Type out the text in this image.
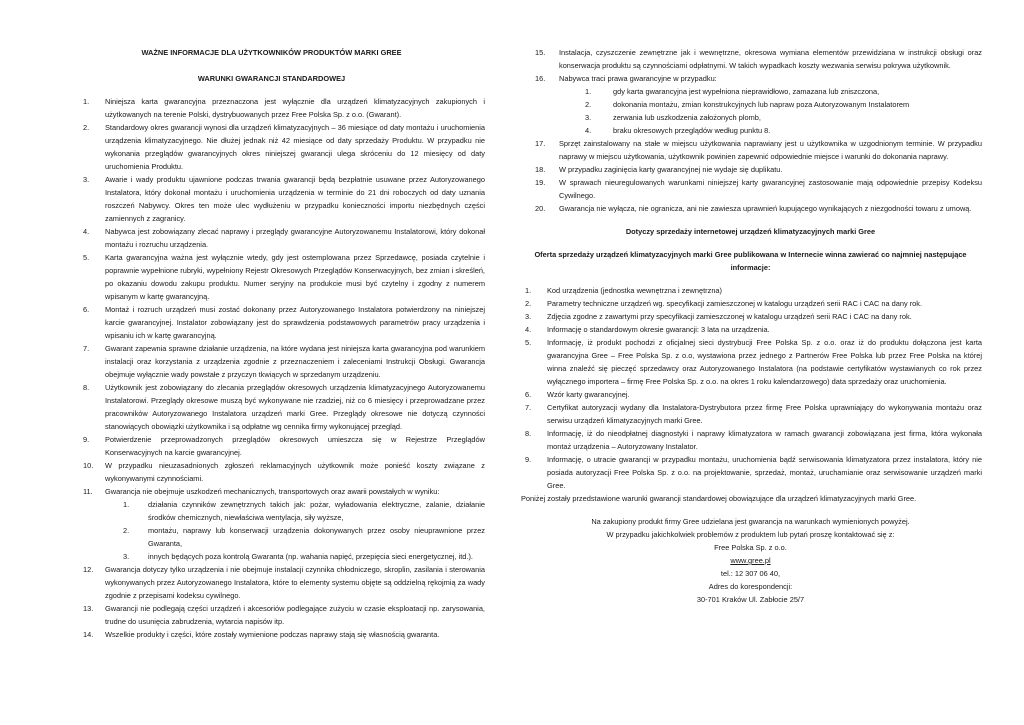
WAŻNE INFORMACJE DLA UŻYTKOWNIKÓW PRODUKTÓW MARKI GREE
WARUNKI GWARANCJI STANDARDOWEJ
1.	Niniejsza karta gwarancyjna przeznaczona jest wyłącznie dla urządzeń klimatyzacyjnych zakupionych i użytkowanych na terenie Polski, dystrybuowanych przez Free Polska Sp. z o.o. (Gwarant).
2.	Standardowy okres gwarancji wynosi dla urządzeń klimatyzacyjnych – 36 miesiące od daty montażu i uruchomienia urządzenia klimatyzacyjnego. Nie dłużej jednak niż 42 miesiące od daty sprzedaży Produktu. W przypadku nie wykonania przeglądów gwarancyjnych okres niniejszej gwarancji ulega skróceniu do 12 miesięcy od daty uruchomienia Produktu.
3.	Awarie i wady produktu ujawnione podczas trwania gwarancji będą bezpłatnie usuwane przez Autoryzowanego Instalatora, który dokonał montażu i uruchomienia urządzenia w terminie do 21 dni roboczych od daty uznania roszczeń Nabywcy. Okres ten może ulec wydłużeniu w przypadku konieczności importu niezbędnych części zamiennych z zagranicy.
4.	Nabywca jest zobowiązany zlecać naprawy i przeglądy gwarancyjne Autoryzowanemu Instalatorowi, który dokonał montażu i rozruchu urządzenia.
5.	Karta gwarancyjna ważna jest wyłącznie wtedy, gdy jest ostemplowana przez Sprzedawcę, posiada czytelnie i poprawnie wypełnione rubryki, wypełniony Rejestr Okresowych Przeglądów Konserwacyjnych, bez zmian i skreśleń, po okazaniu dowodu zakupu produktu. Numer seryjny na produkcie musi być czytelny i zgodny z numerem wpisanym w kartę gwarancyjną.
6.	Montaż i rozruch urządzeń musi zostać dokonany przez Autoryzowanego Instalatora potwierdzony na niniejszej karcie gwarancyjnej. Instalator zobowiązany jest do sprawdzenia podstawowych parametrów pracy urządzenia i wpisaniu ich w kartę gwarancyjną.
7.	Gwarant zapewnia sprawne działanie urządzenia, na które wydana jest niniejsza karta gwarancyjna pod warunkiem instalacji oraz korzystania z urządzenia zgodnie z przeznaczeniem i zaleceniami Instrukcji Obsługi. Gwarancja obejmuje wyłącznie wady powstałe z przyczyn tkwiących w sprzedanym urządzeniu.
8.	Użytkownik jest zobowiązany do zlecania przeglądów okresowych urządzenia klimatyzacyjnego Autoryzowanemu Instalatorowi. Przeglądy okresowe muszą być wykonywane nie rzadziej, niż co 6 miesięcy i przeprowadzane przez pracowników Autoryzowanego Instalatora urządzeń marki Gree. Przeglądy okresowe nie dotyczą czynności stanowiących obowiązki użytkownika i są odpłatne wg cennika firmy wykonującej przegląd.
9.	Potwierdzenie przeprowadzonych przeglądów okresowych umieszcza się w Rejestrze Przeglądów Konserwacyjnych na karcie gwarancyjnej.
10.	W przypadku nieuzasadnionych zgłoszeń reklamacyjnych użytkownik może ponieść koszty związane z wykonywanymi czynnościami.
11.	Gwarancja nie obejmuje uszkodzeń mechanicznych, transportowych oraz awarii powstałych w wyniku:
1.	działania czynników zewnętrznych takich jak: pożar, wyładowania elektryczne, zalanie, działanie środków chemicznych, niewłaściwa wentylacja, siły wyższe,
2.	montażu, naprawy lub konserwacji urządzenia dokonywanych przez osoby nieuprawnione przez Gwaranta,
3.	innych będących poza kontrolą Gwaranta (np. wahania napięć, przepięcia sieci energetycznej, itd.).
12.	Gwarancja dotyczy tylko urządzenia i nie obejmuje instalacji czynnika chłodniczego, skroplin, zasilania i sterowania wykonywanych przez Autoryzowanego Instalatora, które to elementy systemu objęte są oddzielną rękojmią za wady zgodnie z przepisami kodeksu cywilnego.
13.	Gwarancji nie podlegają części urządzeń i akcesoriów podlegające zużyciu w czasie eksploatacji np. zarysowania, trudne do usunięcia zabrudzenia, wytarcia napisów itp.
14.	Wszelkie produkty i części, które zostały wymienione podczas naprawy stają się własnością gwaranta.
15.	Instalacja, czyszczenie zewnętrzne jak i wewnętrzne, okresowa wymiana elementów przewidziana w instrukcji obsługi oraz konserwacja produktu są czynnościami odpłatnymi. W takich wypadkach koszty wezwania serwisu pokrywa użytkownik.
16.	Nabywca traci prawa gwarancyjne w przypadku:
1.	gdy karta gwarancyjna jest wypełniona nieprawidłowo, zamazana lub zniszczona,
2.	dokonania montażu, zmian konstrukcyjnych lub napraw poza Autoryzowanym Instalatorem
3.	zerwania lub uszkodzenia założonych plomb,
4.	braku okresowych przeglądów według punktu 8.
17.	Sprzęt zainstalowany na stałe w miejscu użytkowania naprawiany jest u użytkownika w uzgodnionym terminie. W przypadku naprawy w miejscu użytkowania, użytkownik powinien zapewnić odpowiednie miejsce i warunki do dokonania naprawy.
18.	W przypadku zaginięcia karty gwarancyjnej nie wydaje się duplikatu.
19.	W sprawach nieuregulowanych warunkami niniejszej karty gwarancyjnej zastosowanie mają odpowiednie przepisy Kodeksu Cywilnego.
20.	Gwarancja nie wyłącza, nie ogranicza, ani nie zawiesza uprawnień kupującego wynikających z niezgodności towaru z umową.
Dotyczy sprzedaży internetowej urządzeń klimatyzacyjnych marki Gree
Oferta sprzedaży urządzeń klimatyzacyjnych marki Gree publikowana w Internecie winna zawierać co najmniej następujące informacje:
1.	Kod urządzenia (jednostka wewnętrzna i zewnętrzna)
2.	Parametry techniczne urządzeń wg. specyfikacji zamieszczonej w katalogu urządzeń serii RAC i CAC na dany rok.
3.	Zdjęcia zgodne z zawartymi przy specyfikacji zamieszczonej w katalogu urządzeń serii RAC i CAC na dany rok.
4.	Informację o standardowym okresie gwarancji: 3 lata na urządzenia.
5.	Informację, iż produkt pochodzi z oficjalnej sieci dystrybucji Free Polska Sp. z o.o. oraz iż do produktu dołączona jest karta gwarancyjna Gree – Free Polska Sp. z o.o, wystawiona przez jednego z Partnerów Free Polska lub przez Free Polska na której winna znaleźć się pieczęć sprzedawcy oraz Autoryzowanego Instalatora (na podstawie certyfikatów wystawianych co rok przez wyłącznego importera – firmę Free Polska Sp. z o.o. na okres 1 roku kalendarzowego) data sprzedaży oraz uruchomienia.
6.	Wzór karty gwarancyjnej.
7.	Certyfikat autoryzacji wydany dla Instalatora-Dystrybutora przez firmę Free Polska uprawniający do wykonywania montażu oraz serwisu urządzeń klimatyzacyjnych marki Gree.
8.	Informację, iż do nieodpłatnej diagnostyki i naprawy klimatyzatora w ramach gwarancji zobowiązana jest firma, która wykonała montaż urządzenia – Autoryzowany Instalator.
9.	Informację, o utracie gwarancji w przypadku montażu, uruchomienia bądź serwisowania klimatyzatora przez instalatora, który nie posiada autoryzacji Free Polska Sp. z o.o. na projektowanie, sprzedaż, montaż, uruchamianie oraz serwisowanie urządzeń marki Gree.
Poniżej zostały przedstawione warunki gwarancji standardowej obowiązujące dla urządzeń klimatyzacyjnych marki Gree.
Na zakupiony produkt firmy Gree udzielana jest gwarancja na warunkach wymienionych powyżej.
W przypadku jakichkolwiek problemów z produktem lub pytań proszę kontaktować się z:
Free Polska Sp. z o.o.
www.gree.pl
tel.: 12 307 06 40,
Adres do korespondencji:
30-701 Kraków Ul. Zabłocie 25/7
